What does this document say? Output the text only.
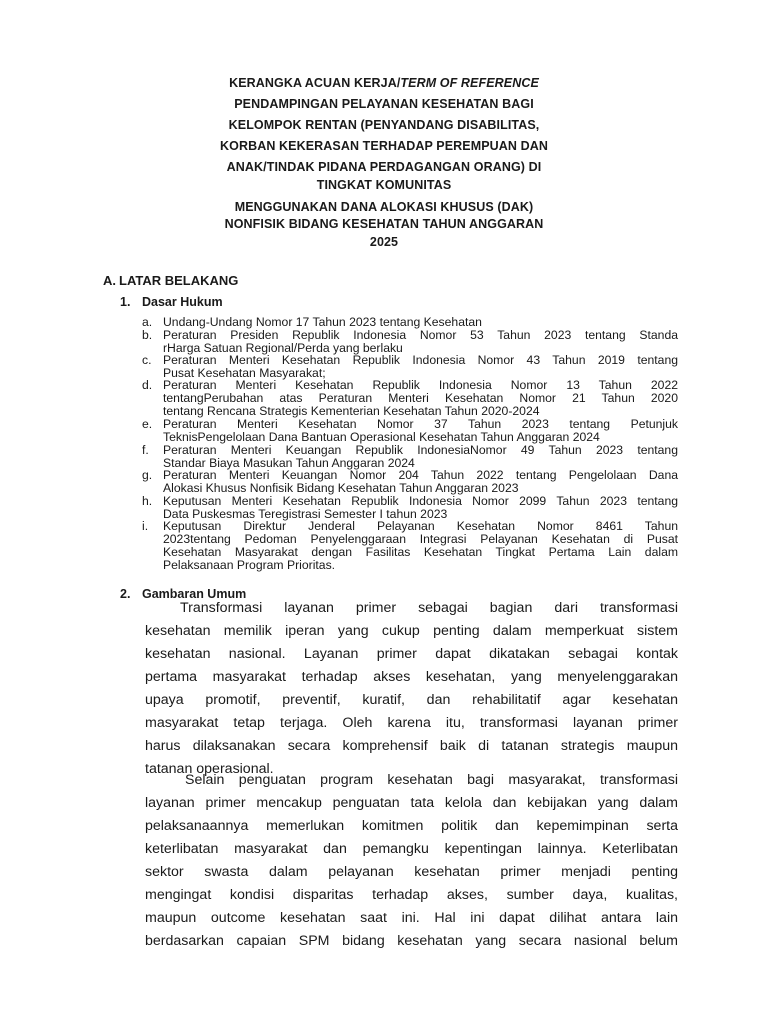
KERANGKA ACUAN KERJA/TERM OF REFERENCE
PENDAMPINGAN PELAYANAN KESEHATAN BAGI
KELOMPOK RENTAN (PENYANDANG DISABILITAS,
KORBAN KEKERASAN TERHADAP PEREMPUAN DAN
ANAK/TINDAK PIDANA PERDAGANGAN ORANG) DI
TINGKAT KOMUNITAS
MENGGUNAKAN DANA ALOKASI KHUSUS (DAK)
NONFISIK BIDANG KESEHATAN TAHUN ANGGARAN
2025
A. LATAR BELAKANG
1. Dasar Hukum
a. Undang-Undang Nomor 17 Tahun 2023 tentang Kesehatan
b. Peraturan Presiden Republik Indonesia Nomor 53 Tahun 2023 tentang Standa
rHarga Satuan Regional/Perda yang berlaku
c. Peraturan Menteri Kesehatan Republik Indonesia Nomor 43 Tahun 2019 tentang
Pusat Kesehatan Masyarakat;
d. Peraturan Menteri Kesehatan Republik Indonesia Nomor 13 Tahun 2022
tentangPerubahan atas Peraturan Menteri Kesehatan Nomor 21 Tahun 2020
tentang Rencana Strategis Kementerian Kesehatan Tahun 2020-2024
e. Peraturan Menteri Kesehatan Nomor 37 Tahun 2023 tentang Petunjuk
TeknisPengelolaan Dana Bantuan Operasional Kesehatan Tahun Anggaran 2024
f. Peraturan Menteri Keuangan Republik IndonesiaNomor 49 Tahun 2023 tentang
Standar Biaya Masukan Tahun Anggaran 2024
g. Peraturan Menteri Keuangan Nomor 204 Tahun 2022 tentang Pengelolaan Dana
Alokasi Khusus Nonfisik Bidang Kesehatan Tahun Anggaran 2023
h. Keputusan Menteri Kesehatan Republik Indonesia Nomor 2099 Tahun 2023 tentang
Data Puskesmas Teregistrasi Semester I tahun 2023
i. Keputusan Direktur Jenderal Pelayanan Kesehatan Nomor 8461 Tahun
2023tentang Pedoman Penyelenggaraan Integrasi Pelayanan Kesehatan di Pusat
Kesehatan Masyarakat dengan Fasilitas Kesehatan Tingkat Pertama Lain dalam
Pelaksanaan Program Prioritas.
2. Gambaran Umum
Transformasi layanan primer sebagai bagian dari transformasi
kesehatan memilik iperan yang cukup penting dalam memperkuat sistem
kesehatan nasional. Layanan primer dapat dikatakan sebagai kontak
pertama masyarakat terhadap akses kesehatan, yang menyelenggarakan
upaya promotif, preventif, kuratif, dan rehabilitatif agar kesehatan
masyarakat tetap terjaga. Oleh karena itu, transformasi layanan primer
harus dilaksanakan secara komprehensif baik di tatanan strategis maupun
tatanan operasional.
Selain penguatan program kesehatan bagi masyarakat, transformasi
layanan primer mencakup penguatan tata kelola dan kebijakan yang dalam
pelaksanaannya memerlukan komitmen politik dan kepemimpinan serta
keterlibatan masyarakat dan pemangku kepentingan lainnya. Keterlibatan
sektor swasta dalam pelayanan kesehatan primer menjadi penting
mengingat kondisi disparitas terhadap akses, sumber daya, kualitas,
maupun outcome kesehatan saat ini. Hal ini dapat dilihat antara lain
berdasarkan capaian SPM bidang kesehatan yang secara nasional belum
